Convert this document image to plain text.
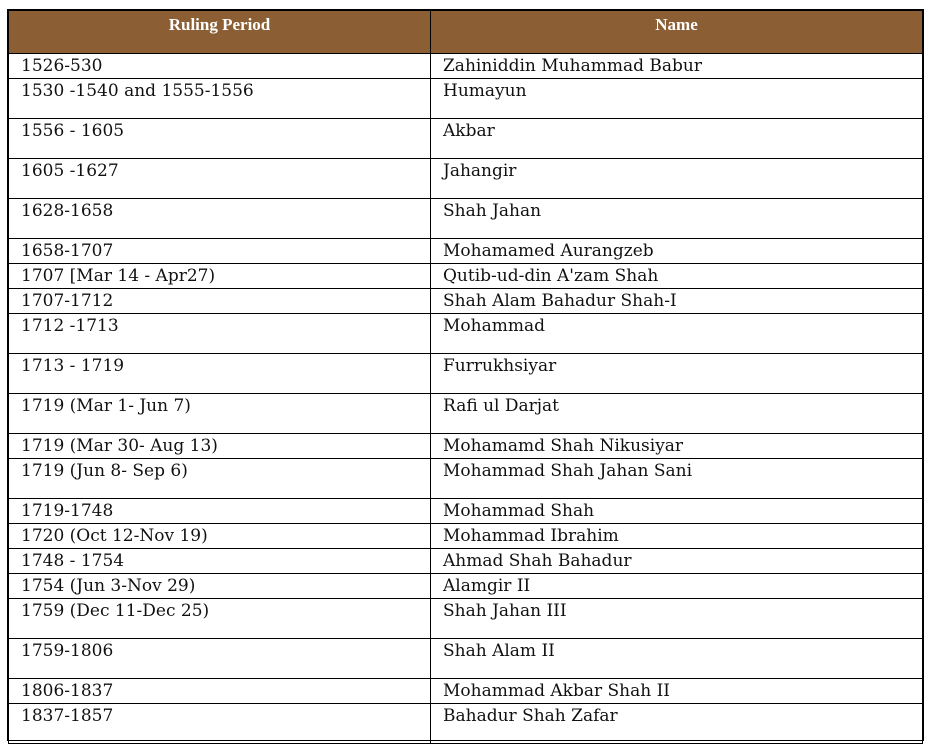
Ruling Period	Name
1526-530	Zahiniddin Muhammad Babur
1530 -1540 and 1555-1556	Humayun
1556 - 1605	Akbar
1605 -1627	Jahangir
1628-1658	Shah Jahan
1658-1707	Mohamamed Aurangzeb
1707 [Mar 14 - Apr27)	Qutib-ud-din A'zam Shah
1707-1712	Shah Alam Bahadur Shah-I
1712 -1713	Mohammad
1713 - 1719	Furrukhsiyar
1719 (Mar 1- Jun 7)	Rafi ul Darjat
1719 (Mar 30- Aug 13)	Mohamamd Shah Nikusiyar
1719 (Jun 8- Sep 6)	Mohammad Shah Jahan Sani
1719-1748	Mohammad Shah
1720 (Oct 12-Nov 19)	Mohammad Ibrahim
1748 - 1754	Ahmad Shah Bahadur
1754 (Jun 3-Nov 29)	Alamgir II
1759 (Dec 11-Dec 25)	Shah Jahan III
1759-1806	Shah Alam II
1806-1837	Mohammad Akbar Shah II
1837-1857	Bahadur Shah Zafar
